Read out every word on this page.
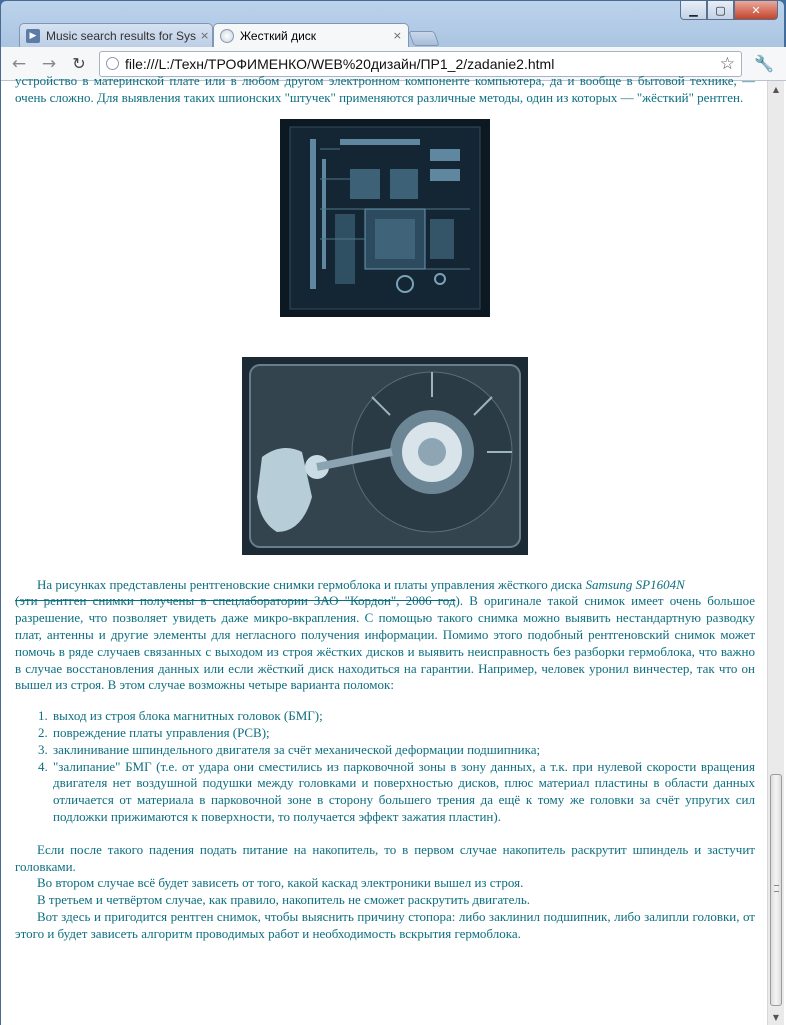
▁	▢	✕
▶ Music search results for Sys ×	Жесткий диск	×
← →	↻	file:///L:/Техн/ТРОФИМЕНКО/WEB%20дизайн/ПР1_2/zadanie2.html	☆ 🔧

устройство в материнской плате или в любом другом электронном компоненте компьютера, да и вообще в бытовой технике, — очень сложно. Для выявления таких шпионских "штучек" применяются различные методы, один из которых — "жёсткий" рентген.

На рисунках представлены рентгеновские снимки гермоблока и платы управления жёсткого диска Samsung SP1604N
(эти рентген снимки получены в спецлаборатории ЗАО "Кордон", 2006 год). В оригинале такой снимок имеет очень большое разрешение, что позволяет увидеть даже микро-вкрапления. С помощью такого снимка можно выявить нестандартную разводку плат, антенны и другие элементы для негласного получения информации. Помимо этого подобный рентгеновский снимок может помочь в ряде случаев связанных с выходом из строя жёстких дисков и выявить неисправность без разборки гермоблока, что важно в случае восстановления данных или если жёсткий диск находиться на гарантии. Например, человек уронил винчестер, так что он вышел из строя. В этом случае возможны четыре варианта поломок:

1. выход из строя блока магнитных головок (БМГ);
2. повреждение платы управления (PCB);
3. заклинивание шпиндельного двигателя за счёт механической деформации подшипника;
4. "залипание" БМГ (т.е. от удара они сместились из парковочной зоны в зону данных, а т.к. при нулевой скорости вращения двигателя нет воздушной подушки между головками и поверхностью дисков, плюс материал пластины в области данных отличается от материала в парковочной зоне в сторону большего трения да ещё к тому же головки за счёт упругих сил подложки прижимаются к поверхности, то получается эффект зажатия пластин).

Если после такого падения подать питание на накопитель, то в первом случае накопитель раскрутит шпиндель и застучит головками.

Во втором случае всё будет зависеть от того, какой каскад электроники вышел из строя.

В третьем и четвёртом случае, как правило, накопитель не сможет раскрутить двигатель.

Вот здесь и пригодится рентген снимок, чтобы выяснить причину стопора: либо заклинил подшипник, либо залипли головки, от этого и будет зависеть алгоритм проводимых работ и необходимость вскрытия гермоблока.

▲
▼
